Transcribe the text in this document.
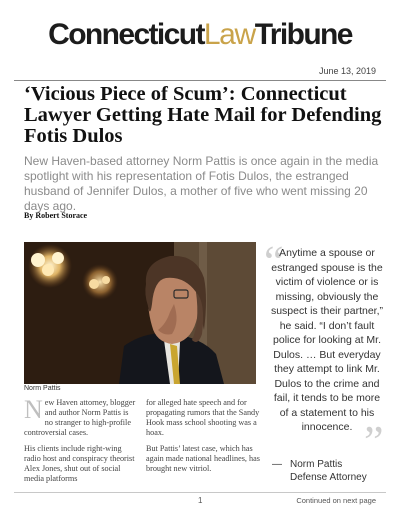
ConnecticutLawTribune
June 13, 2019
‘Vicious Piece of Scum’: Connecticut Lawyer Getting Hate Mail for Defending Fotis Dulos
New Haven-based attorney Norm Pattis is once again in the media spotlight with his representation of Fotis Dulos, the estranged husband of Jennifer Dulos, a mother of five who went missing 20 days ago.
By Robert Storace
Norm Pattis

New Haven attorney, blogger and author Norm Pattis is no stranger to high-profile controversial cases.

His clients include right-wing radio host and conspiracy theorist Alex Jones, shut out of social media platforms

for alleged hate speech and for propagating rumors that the Sandy Hook mass school shooting was a hoax.

But Pattis’ latest case, which has again made national headlines, has brought new vitriol.

“
Anytime a spouse or estranged spouse is the victim of violence or is missing, obviously the suspect is their partner,” he said. “I don’t fault police for looking at Mr. Dulos. … But everyday they attempt to link Mr. Dulos to the crime and fail, it tends to be more of a statement to his innocence. ”
— Norm Pattis
Defense Attorney
1	Continued on next page
